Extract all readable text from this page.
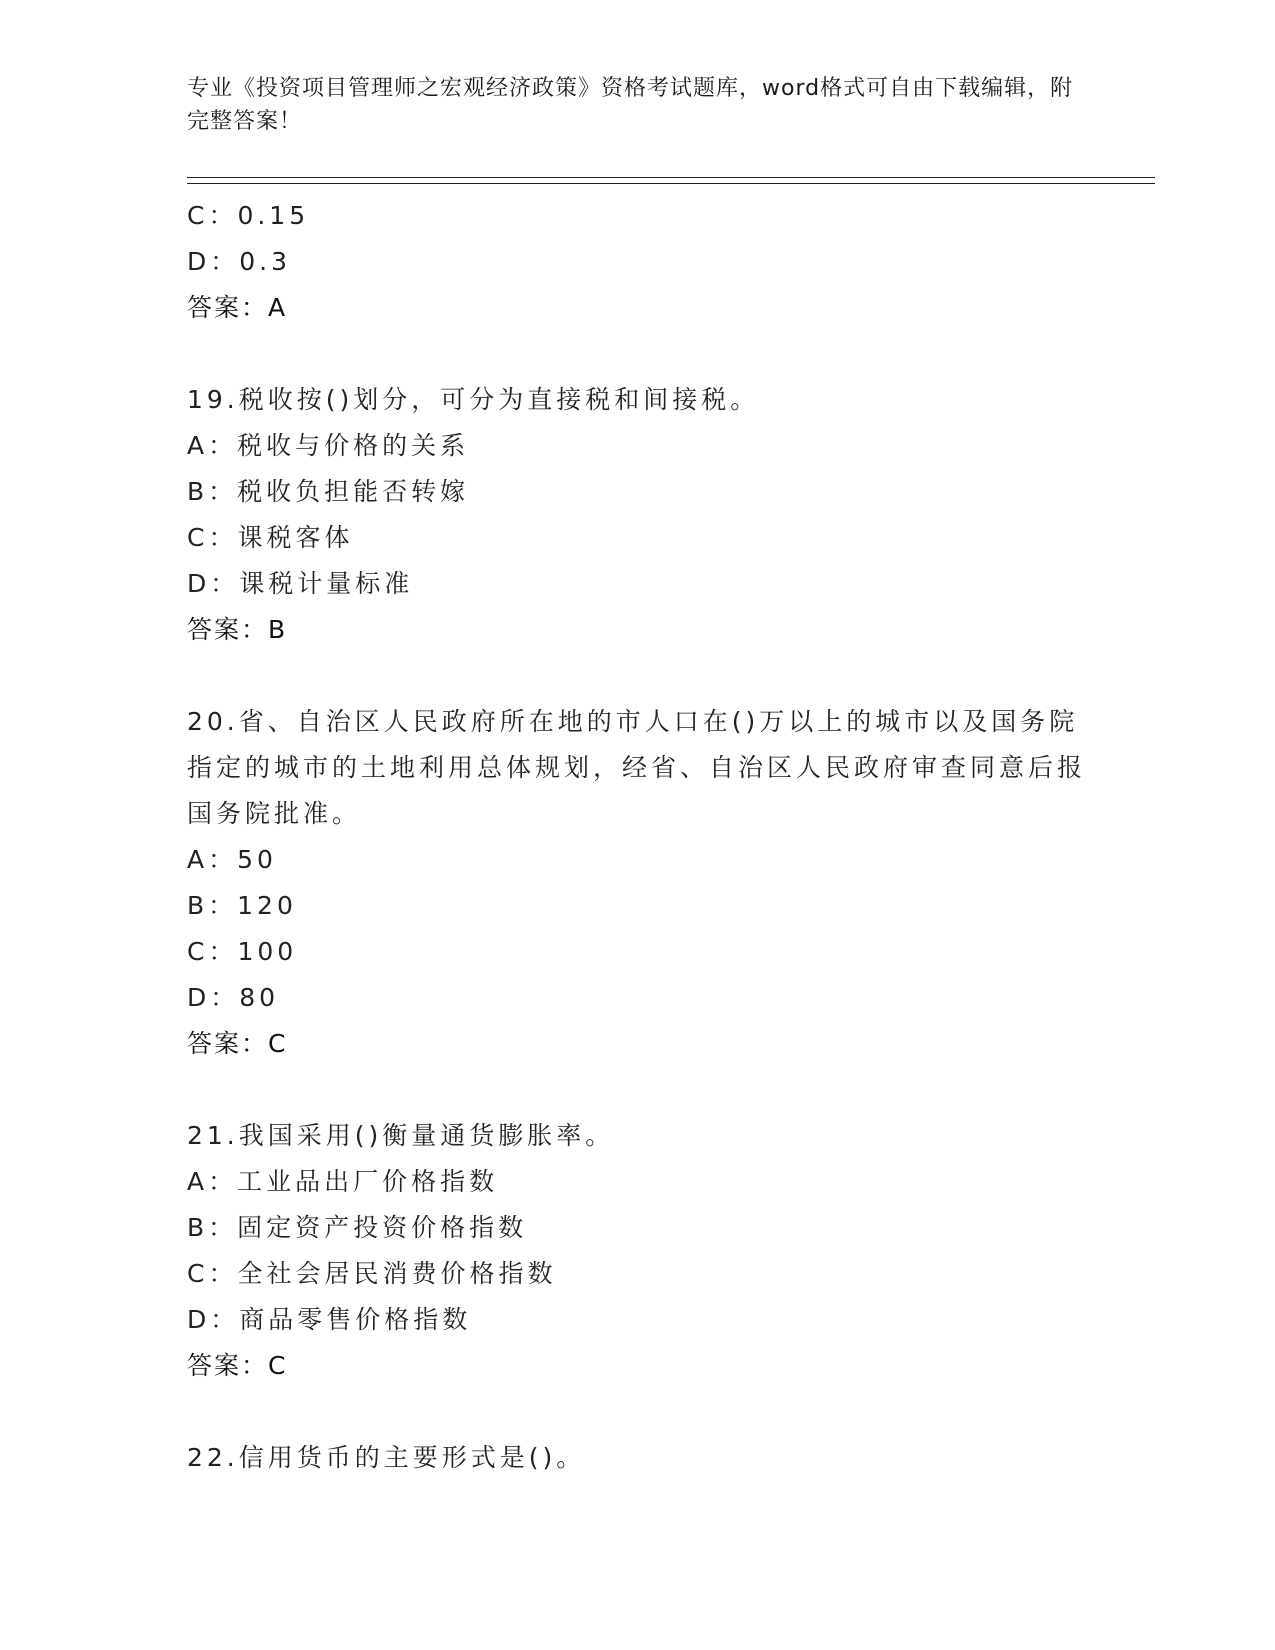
专业《投资项目管理师之宏观经济政策》资格考试题库，word格式可自由下载编辑，附完整答案！
C：0.15
D：0.3
答案：A
19.税收按()划分，可分为直接税和间接税。
A：税收与价格的关系
B：税收负担能否转嫁
C：课税客体
D：课税计量标准
答案：B
20.省、自治区人民政府所在地的市人口在()万以上的城市以及国务院指定的城市的土地利用总体规划，经省、自治区人民政府审查同意后报国务院批准。
A：50
B：120
C：100
D：80
答案：C
21.我国采用()衡量通货膨胀率。
A：工业品出厂价格指数
B：固定资产投资价格指数
C：全社会居民消费价格指数
D：商品零售价格指数
答案：C
22.信用货币的主要形式是()。
